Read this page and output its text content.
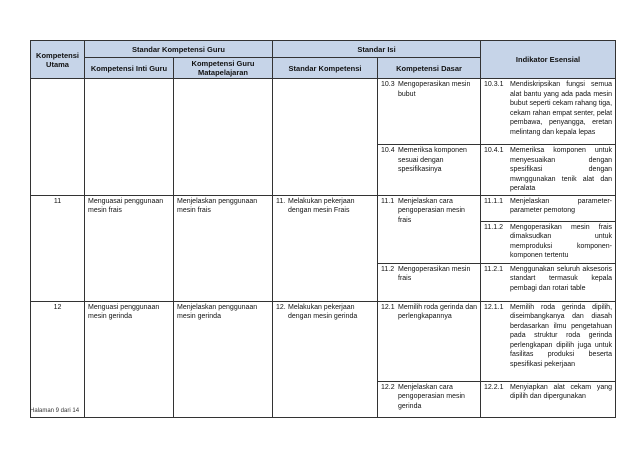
Kompetensi Utama	Standar Kompetensi Guru		Standar Isi		Indikator Esensial
	Kompetensi Inti Guru	Kompetensi Guru Matapelajaran	Standar Kompetensi	Kompetensi Dasar	

				10.3 Mengoperasikan mesin bubut	10.3.1 Mendiskripsikan fungsi semua alat bantu yang ada pada mesin bubut seperti cekam rahang tiga, cekam rahan empat senter, pelat pembawa, penyangga, eretan melintang dan kepala lepas

				10.4 Memeriksa komponen sesuai dengan spesifikasinya	10.4.1 Memeriksa komponen untuk menyesuaikan dengan spesifikasi dengan mwnggunakan tenik alat dan peralata

11	Menguasai penggunaan mesin frais	Menjelaskan penggunaan mesin frais	11. Melakukan pekerjaan dengan mesin Frais	11.1 Menjelaskan cara pengoperasian mesin frais	11.1.1 Menjelaskan parameter-parameter pemotong

					11.1.2 Mengoperasikan mesin frais dimaksudkan untuk memproduksi komponen-komponen tertentu

				11.2 Mengoperasikan mesin frais	11.2.1 Menggunakan seluruh aksesoris standart termasuk kepala pembagi dan rotari table

12	Menguasi penggunaan mesin gerinda	Menjelaskan penggunaan mesin gerinda	12. Melakukan pekerjaan dengan mesin gerinda	12.1 Memilih roda gerinda dan perlengkapannya	12.1.1 Memilih roda gerinda dipilih, diseimbangkanya dan diasah berdasarkan ilmu pengetahuan pada struktur roda gerinda perlengkapan dipilih juga untuk fasilitas produksi beserta spesifikasi pekerjaan

				12.2 Menjelaskan cara pengoperasian mesin gerinda	12.2.1 Menyiapkan alat cekam yang dipilih dan dipergunakan
Halaman 9 dari 14
